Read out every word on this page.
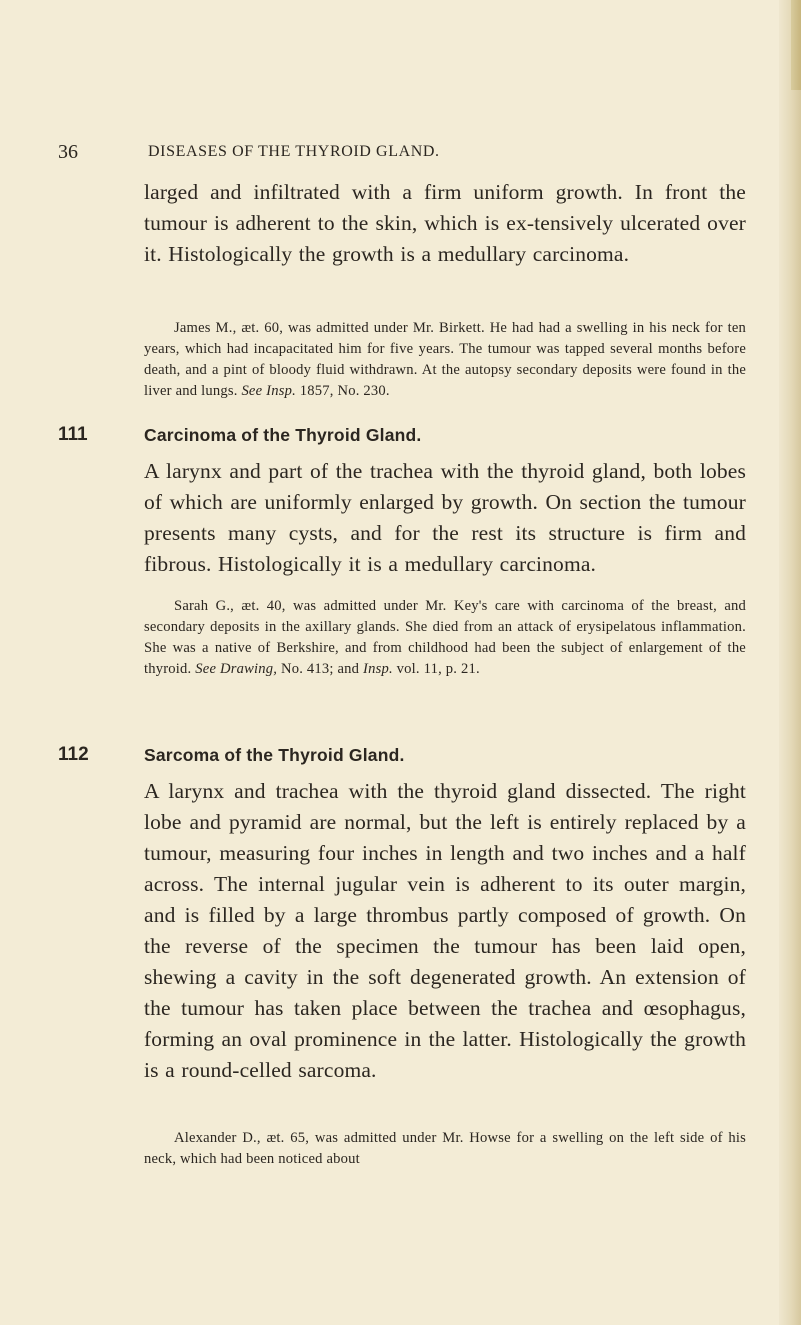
36	DISEASES OF THE THYROID GLAND.

larged and infiltrated with a firm uniform growth. In front the tumour is adherent to the skin, which is ex-tensively ulcerated over it. Histologically the growth is a medullary carcinoma.

James M., æt. 60, was admitted under Mr. Birkett. He had had a swelling in his neck for ten years, which had incapacitated him for five years. The tumour was tapped several months before death, and a pint of bloody fluid withdrawn. At the autopsy secondary deposits were found in the liver and lungs. See Insp. 1857, No. 230.

111	Carcinoma of the Thyroid Gland.

A larynx and part of the trachea with the thyroid gland, both lobes of which are uniformly enlarged by growth. On section the tumour presents many cysts, and for the rest its structure is firm and fibrous. Histologically it is a medullary carcinoma.

Sarah G., æt. 40, was admitted under Mr. Key's care with carcinoma of the breast, and secondary deposits in the axillary glands. She died from an attack of erysipelatous inflammation. She was a native of Berkshire, and from childhood had been the subject of enlargement of the thyroid. See Drawing, No. 413; and Insp. vol. 11, p. 21.

112	Sarcoma of the Thyroid Gland.

A larynx and trachea with the thyroid gland dissected. The right lobe and pyramid are normal, but the left is entirely replaced by a tumour, measuring four inches in length and two inches and a half across. The internal jugular vein is adherent to its outer margin, and is filled by a large thrombus partly composed of growth. On the reverse of the specimen the tumour has been laid open, shewing a cavity in the soft degenerated growth. An extension of the tumour has taken place between the trachea and œsophagus, forming an oval prominence in the latter. Histologically the growth is a round-celled sarcoma.

Alexander D., æt. 65, was admitted under Mr. Howse for a swelling on the left side of his neck, which had been noticed about
